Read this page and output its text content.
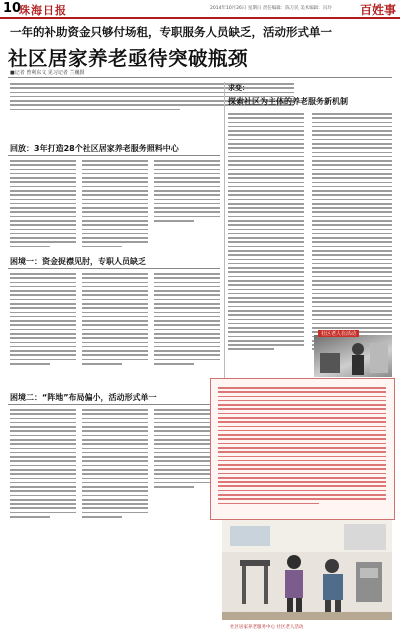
10
珠海日报	2014年10月26日 星期日 责任编辑：陈万民 美术编辑：冯玲 百姓事
一年的补助资金只够付场租，专职服务人员缺乏，活动形式单一
社区居家养老亟待突破瓶颈
■记者 曾利东文 见习记者 兰巍摄
求变：
探索社区为主体的养老服务新机制
回放：3年打造28个社区居家养老服务照料中心
困境一：资金捉襟见肘，专职人员缺乏
困境二：“阵地”布局偏小，活动形式单一
社区老人在活动
社区居家养老服务中心 社区老人活动
